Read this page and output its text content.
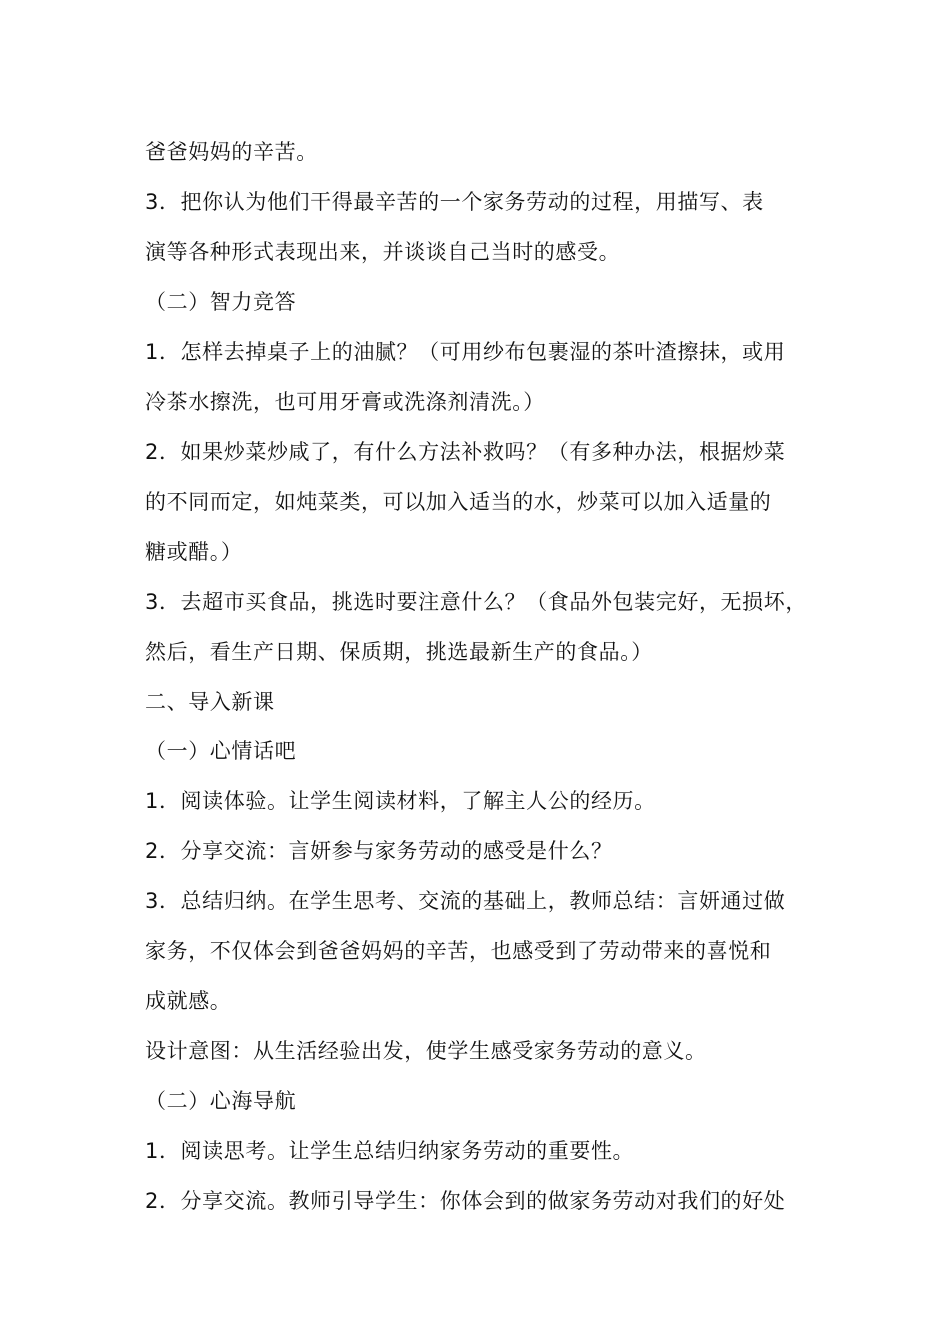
爸爸妈妈的辛苦。

3．把你认为他们干得最辛苦的一个家务劳动的过程，用描写、表

演等各种形式表现出来，并谈谈自己当时的感受。

（二）智力竞答

1．怎样去掉桌子上的油腻？（可用纱布包裹湿的茶叶渣擦抹，或用

冷茶水擦洗，也可用牙膏或洗涤剂清洗。）

2．如果炒菜炒咸了，有什么方法补救吗？（有多种办法，根据炒菜

的不同而定，如炖菜类，可以加入适当的水，炒菜可以加入适量的

糖或醋。）

3．去超市买食品，挑选时要注意什么？（食品外包装完好，无损坏，

然后，看生产日期、保质期，挑选最新生产的食品。）

二、导入新课

（一）心情话吧

1．阅读体验。让学生阅读材料，了解主人公的经历。

2．分享交流：言妍参与家务劳动的感受是什么？

3．总结归纳。在学生思考、交流的基础上，教师总结：言妍通过做

家务，不仅体会到爸爸妈妈的辛苦，也感受到了劳动带来的喜悦和

成就感。

设计意图：从生活经验出发，使学生感受家务劳动的意义。

（二）心海导航

1．阅读思考。让学生总结归纳家务劳动的重要性。

2．分享交流。教师引导学生：你体会到的做家务劳动对我们的好处
